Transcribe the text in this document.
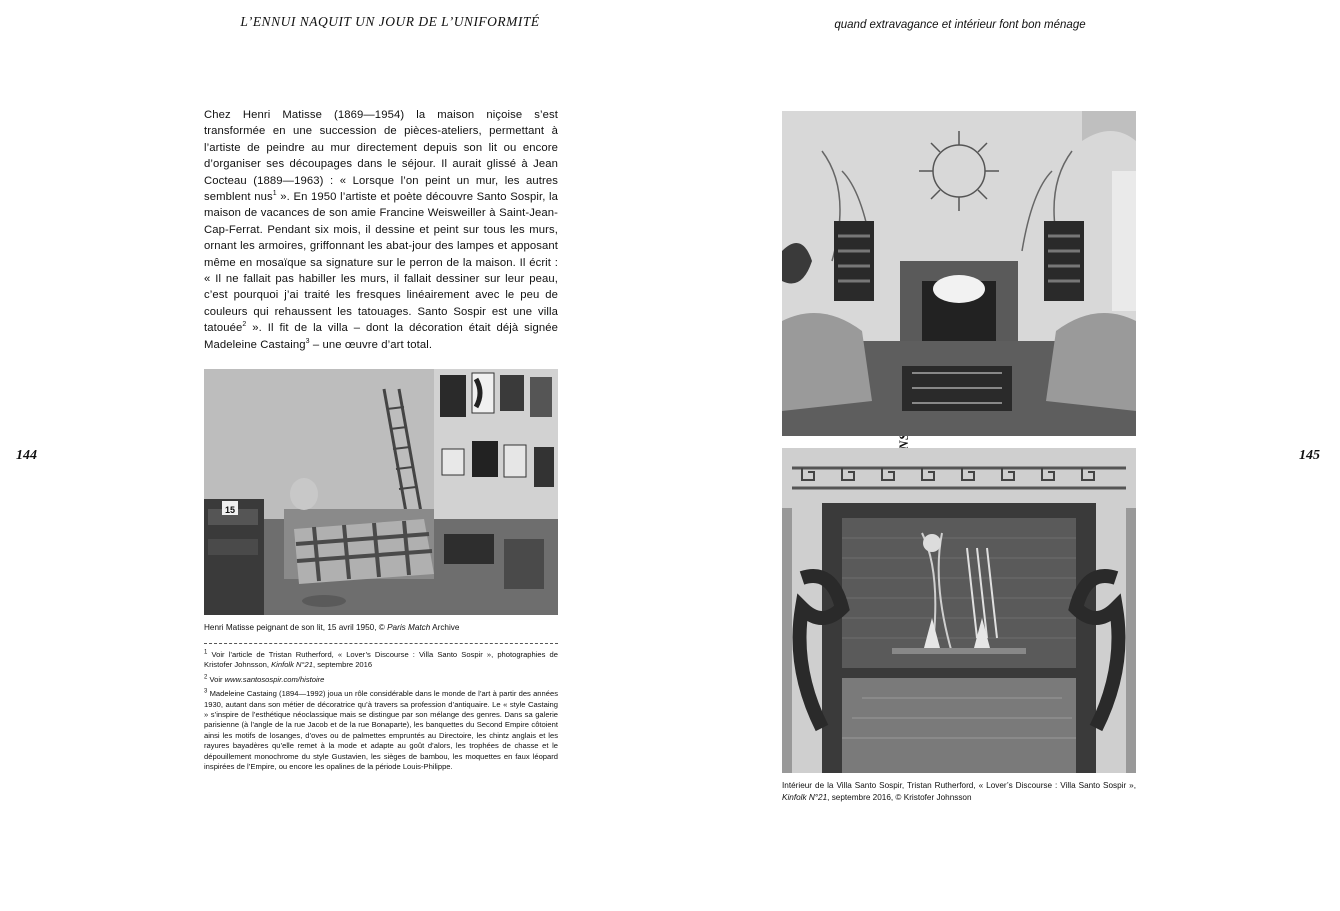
L’ENNUI NAQUIT UN JOUR DE L’UNIFORMITÉ	quand extravagance et intérieur font bon ménage
144	145
Chez Henri Matisse (1869—1954) la maison niçoise s’est transformée en une succession de pièces-ateliers, permettant à l’artiste de peindre au mur directement depuis son lit ou encore d’organiser ses découpages dans le séjour. Il aurait glissé à Jean Cocteau (1889—1963) : « Lorsque l’on peint un mur, les autres semblent nus$^1$ ». En 1950 l’artiste et poète découvre Santo Sospir, la maison de vacances de son amie Francine Weisweiller à Saint-Jean-Cap-Ferrat. Pendant six mois, il dessine et peint sur tous les murs, ornant les armoires, griffonnant les abat-jour des lampes et apposant même en mosaïque sa signature sur le perron de la maison. Il écrit : « Il ne fallait pas habiller les murs, il fallait dessiner sur leur peau, c’est pourquoi j’ai traité les fresques linéairement avec le peu de couleurs qui rehaussent les tatouages. Santo Sospir est une villa tatouée$^2$ ». Il fit de la villa – dont la décoration était déjà signée Madeleine Castaing$^3$ – une œuvre d’art total.
15
Henri Matisse peignant de son lit, 15 avril 1950, © Paris Match Archive

$^1$ Voir l’article de Tristan Rutherford, « Lover’s Discourse : Villa Santo Sospir », photographies de Kristofer Johnsson, Kinfolk N°21, septembre 2016

$^2$ Voir www.santosospir.com/histoire

$^3$ Madeleine Castaing (1894—1992) joua un rôle considérable dans le monde de l’art à partir des années 1930, autant dans son métier de décoratrice qu’à travers sa profession d’antiquaire. Le « style Castaing » s’inspire de l’esthétique néoclassique mais se distingue par son mélange des genres. Dans sa galerie parisienne (à l’angle de la rue Jacob et de la rue Bonaparte), les banquettes du Second Empire côtoient ainsi les motifs de losanges, d’oves ou de palmettes empruntés au Directoire, les chintz anglais et les rayures bayadères qu’elle remet à la mode et adapte au goût d’alors, les trophées de chasse et le dépouillement monochrome du style Gustavien, les sièges de bambou, les moquettes en faux léopard inspirées de l’Empire, ou encore les opalines de la période Louis-Philippe.

Intérieur de la Villa Santo Sospir, Tristan Rutherford, « Lover’s Discourse : Villa Santo Sospir », Kinfolk N°21, septembre 2016, © Kristofer Johnsson
